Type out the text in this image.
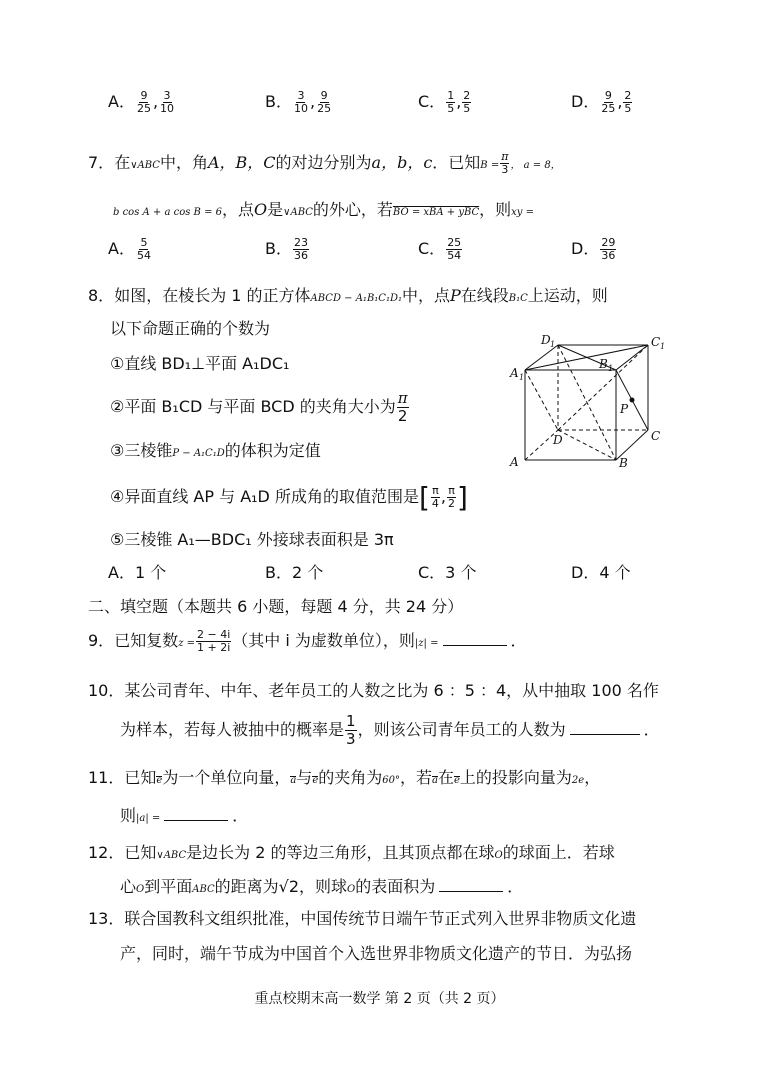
A． $\frac{9}{25}$ , $\frac{3}{10}$	B． $\frac{3}{10}$ , $\frac{9}{25}$	C． $\frac{1}{5}$ , $\frac{2}{5}$	D． $\frac{9}{25}$ , $\frac{2}{5}$
7．在∨ABC中，角A，B，C的对边分别为a，b，c．已知$B = \frac{\pi}{3}$ ， a = 8，
b cos A + a cos B = 6，点O是∨ABC的外心，若BO = xBA + yBC，则xy =
A． $\frac{5}{54}$	B． $\frac{23}{36}$	C． $\frac{25}{54}$	D． $\frac{29}{36}$
8．如图，在棱长为 1 的正方体ABCD − A₁B₁C₁D₁中，点P在线段B₁C上运动，则
以下命题正确的个数为
①直线 BD₁⊥平面 A₁DC₁
②平面 B₁CD 与平面 BCD 的夹角大小为 $\frac{\pi}{2}$
③三棱锥P − A₁C₁D的体积为定值
④异面直线 AP 与 A₁D 所成角的取值范围是[ $\frac{\pi}{4}$ , $\frac{\pi}{2}$ ]
⑤三棱锥 A₁—BDC₁ 外接球表面积是 3π
A．1 个	B．2 个	C．3 个	D．4 个
A	B
C
D
A 1
B 1
C 1
D 1
P
二、填空题（本题共 6 小题，每题 4 分，共 24 分）
9．已知复数$z = \frac{2 - 4i}{1 + 2i}$ （其中 i 为虚数单位），则|z| =	．
10．某公司青年、中年、老年员工的人数之比为 6 ：5 ：4，从中抽取 100 名作
为样本，若每人被抽中的概率是 $\frac{1}{3}$ ，则该公司青年员工的人数为	．
11．已知e为一个单位向量，a与e的夹角为60°，若a在e上的投影向量为2e，
则|a| =	．
12．已知∨ABC是边长为 2 的等边三角形，且其顶点都在球O的球面上．若球
心O到平面ABC的距离为√2，则球O的表面积为	．
13．联合国教科文组织批准，中国传统节日端午节正式列入世界非物质文化遗
产，同时，端午节成为中国首个入选世界非物质文化遗产的节日．为弘扬
重点校期末高一数学 第 2 页（共 2 页）
